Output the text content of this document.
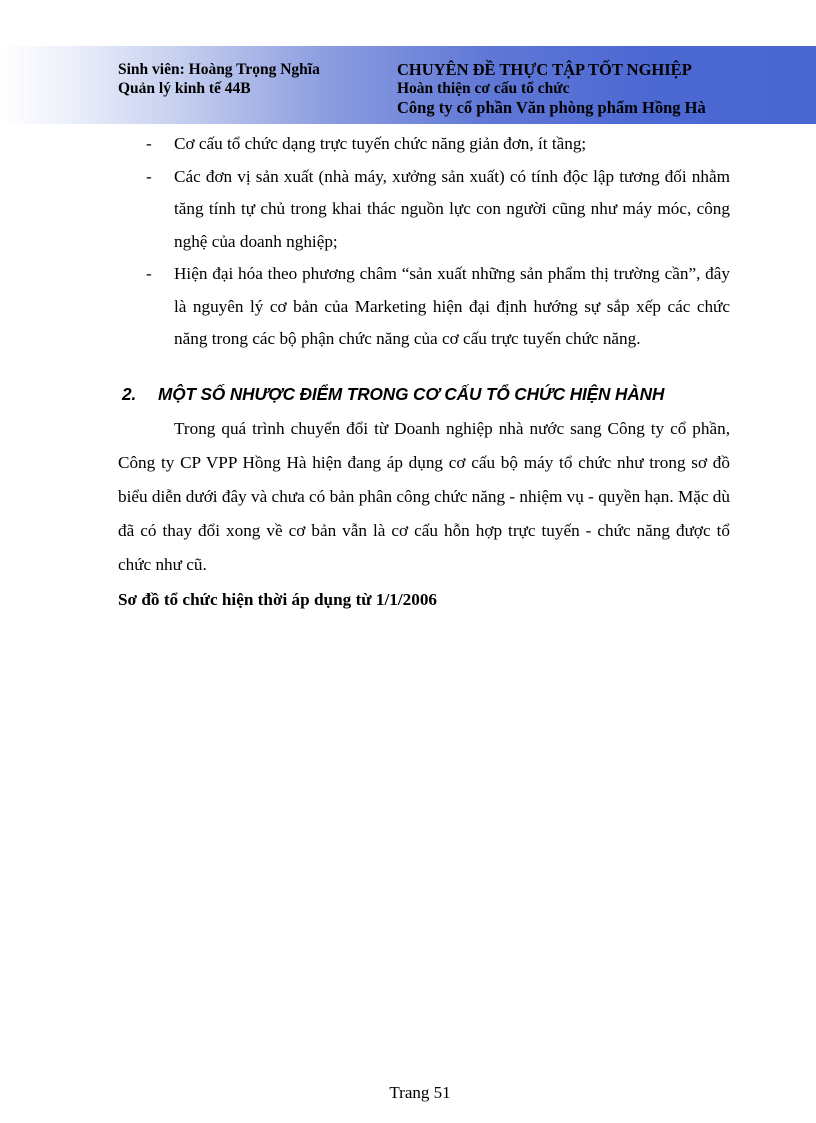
Sinh viên: Hoàng Trọng Nghĩa
Quản lý kinh tế 44B
CHUYÊN ĐỀ THỰC TẬP TỐT NGHIỆP
Hoàn thiện cơ cấu tổ chức
Công ty cổ phần Văn phòng phẩm Hồng Hà
- Cơ cấu tổ chức dạng trực tuyến chức năng giản đơn, ít tầng;
- Các đơn vị sản xuất (nhà máy, xưởng sản xuất) có tính độc lập tương đối nhằm tăng tính tự chủ trong khai thác nguồn lực con người cũng như máy móc, công nghệ của doanh nghiệp;
- Hiện đại hóa theo phương châm “sản xuất những sản phẩm thị trường cần”, đây là nguyên lý cơ bản của Marketing hiện đại định hướng sự sắp xếp các chức năng trong các bộ phận chức năng của cơ cấu trực tuyến chức năng.
2. MỘT SỐ NHƯỢC ĐIỂM TRONG CƠ CẤU TỔ CHỨC HIỆN HÀNH
Trong quá trình chuyển đổi từ Doanh nghiệp nhà nước sang Công ty cổ phần, Công ty CP VPP Hồng Hà hiện đang áp dụng cơ cấu bộ máy tổ chức như trong sơ đồ biểu diễn dưới đây và chưa có bản phân công chức năng - nhiệm vụ - quyền hạn. Mặc dù đã có thay đổi xong về cơ bản vẫn là cơ cấu hỗn hợp trực tuyến - chức năng được tổ chức như cũ.
Sơ đồ tổ chức hiện thời áp dụng từ 1/1/2006
Trang 51
